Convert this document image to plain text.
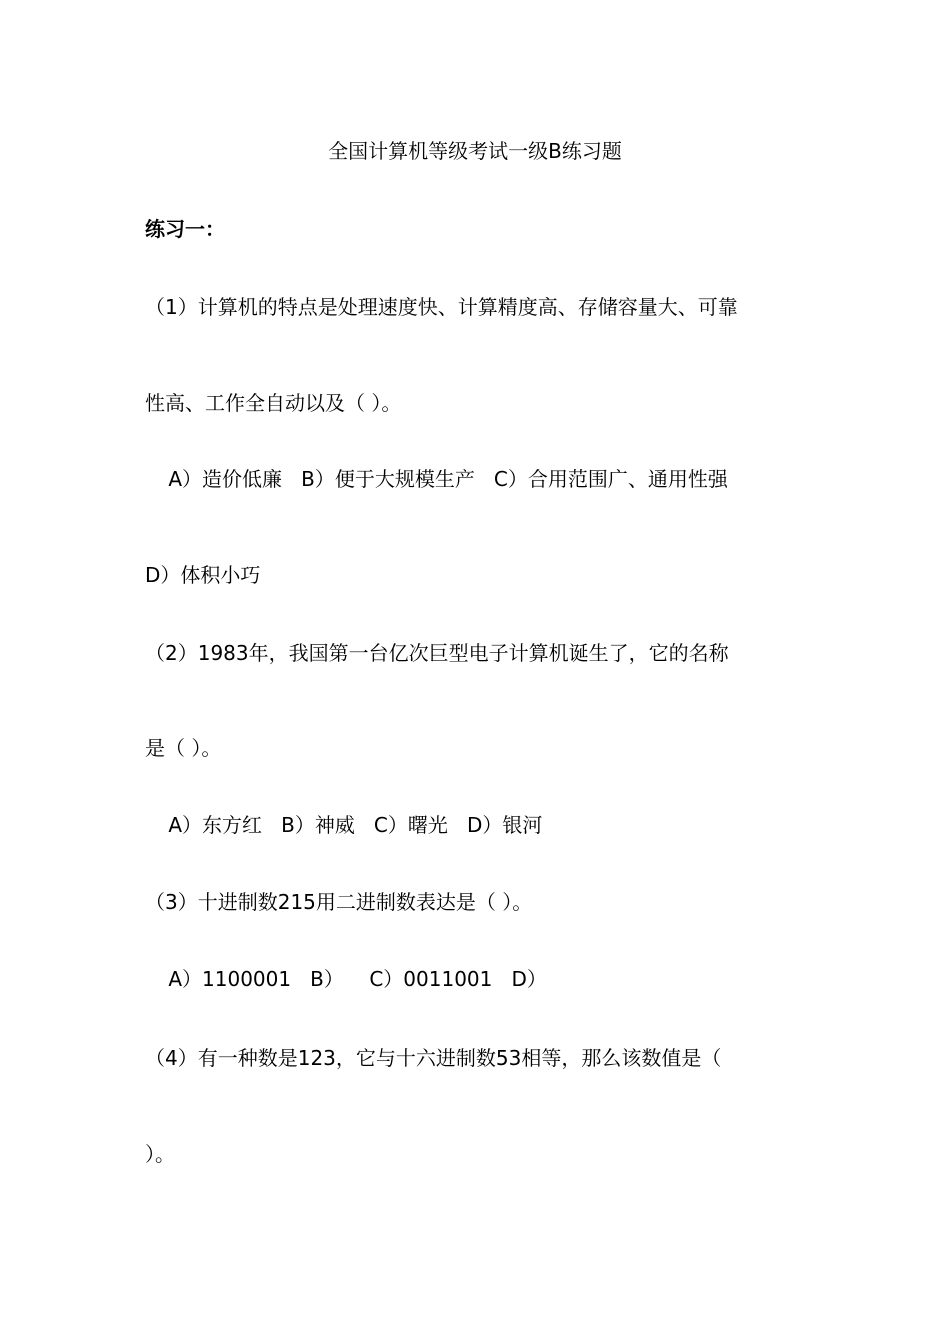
全国计算机等级考试一级B练习题
练习一：
（1）计算机的特点是处理速度快、计算精度高、存储容量大、可靠
性高、工作全自动以及（ ）。
A）造价低廉   B）便于大规模生产   C）合用范围广、通用性强
D）体积小巧
（2）1983年，我国第一台亿次巨型电子计算机诞生了，它的名称
是（ ）。
A）东方红   B）神威   C）曙光   D）银河
（3）十进制数215用二进制数表达是（ ）。
A）1100001   B）    C）0011001   D）
（4）有一种数是123，它与十六进制数53相等，那么该数值是（
）。
